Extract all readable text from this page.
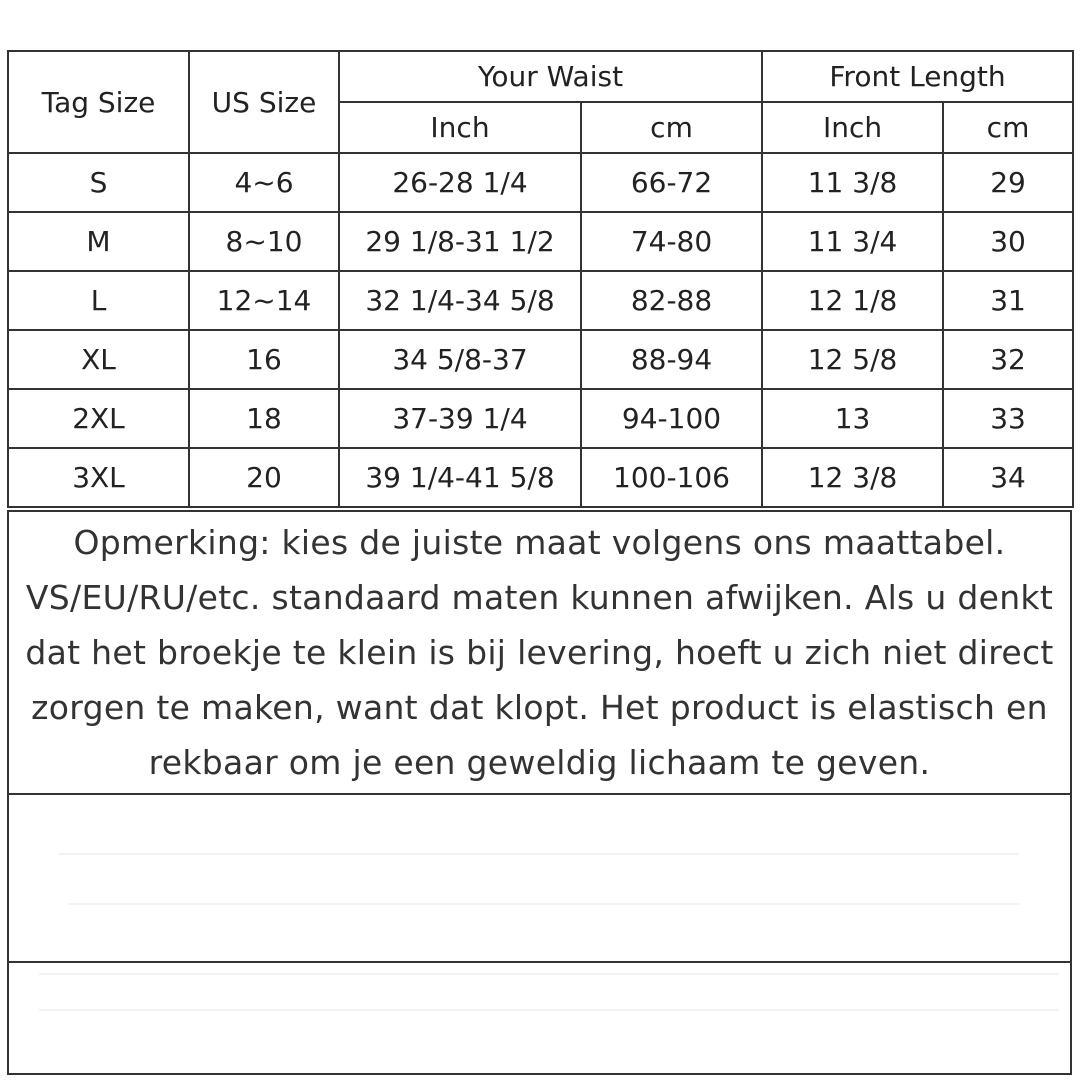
Tag Size	US Size	Your Waist		Front Length	
		Inch	cm	Inch	cm
S	4~6	26-28 1/4	66-72	11 3/8	29
M	8~10	29 1/8-31 1/2	74-80	11 3/4	30
L	12~14	32 1/4-34 5/8	82-88	12 1/8	31
XL	16	34 5/8-37	88-94	12 5/8	32
2XL	18	37-39 1/4	94-100	13	33
3XL	20	39 1/4-41 5/8	100-106	12 3/8	34

Opmerking: kies de juiste maat volgens ons maattabel.
VS/EU/RU/etc. standaard maten kunnen afwijken. Als u denkt
dat het broekje te klein is bij levering, hoeft u zich niet direct
zorgen te maken, want dat klopt. Het product is elastisch en
rekbaar om je een geweldig lichaam te geven.
